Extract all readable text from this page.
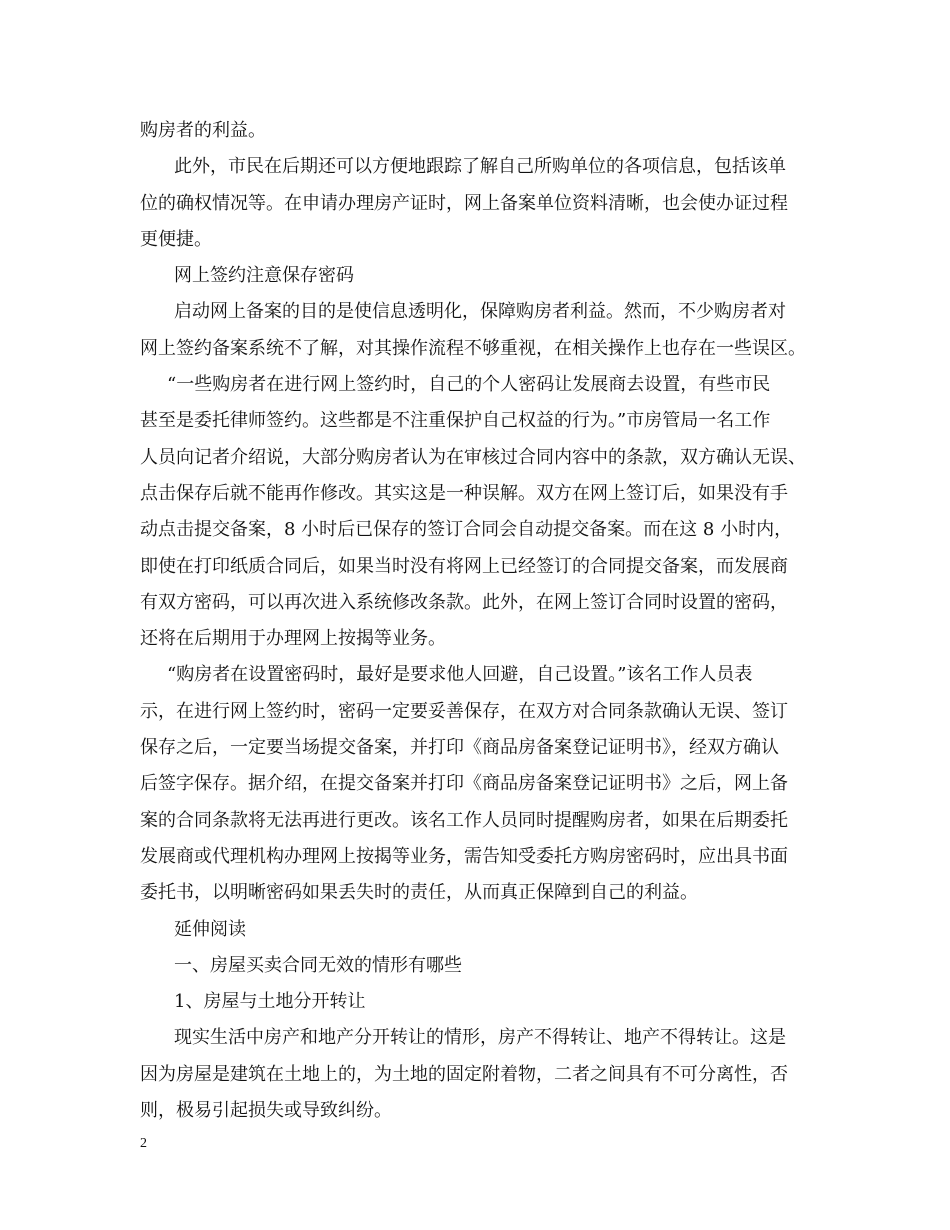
购房者的利益。

此外，市民在后期还可以方便地跟踪了解自己所购单位的各项信息，包括该单

位的确权情况等。在申请办理房产证时，网上备案单位资料清晰，也会使办证过程

更便捷。

网上签约注意保存密码

启动网上备案的目的是使信息透明化，保障购房者利益。然而，不少购房者对

网上签约备案系统不了解，对其操作流程不够重视，在相关操作上也存在一些误区。

“一些购房者在进行网上签约时，自己的个人密码让发展商去设置，有些市民

甚至是委托律师签约。这些都是不注重保护自己权益的行为。”市房管局一名工作

人员向记者介绍说，大部分购房者认为在审核过合同内容中的条款，双方确认无误、

点击保存后就不能再作修改。其实这是一种误解。双方在网上签订后，如果没有手

动点击提交备案，8 小时后已保存的签订合同会自动提交备案。而在这 8 小时内，

即使在打印纸质合同后，如果当时没有将网上已经签订的合同提交备案，而发展商

有双方密码，可以再次进入系统修改条款。此外，在网上签订合同时设置的密码，

还将在后期用于办理网上按揭等业务。

“购房者在设置密码时，最好是要求他人回避，自己设置。”该名工作人员表

示，在进行网上签约时，密码一定要妥善保存，在双方对合同条款确认无误、签订

保存之后，一定要当场提交备案，并打印《商品房备案登记证明书》，经双方确认

后签字保存。据介绍，在提交备案并打印《商品房备案登记证明书》之后，网上备

案的合同条款将无法再进行更改。该名工作人员同时提醒购房者，如果在后期委托

发展商或代理机构办理网上按揭等业务，需告知受委托方购房密码时，应出具书面

委托书，以明晰密码如果丢失时的责任，从而真正保障到自己的利益。

延伸阅读

一、房屋买卖合同无效的情形有哪些

1、房屋与土地分开转让

现实生活中房产和地产分开转让的情形，房产不得转让、地产不得转让。这是

因为房屋是建筑在土地上的，为土地的固定附着物，二者之间具有不可分离性，否

则，极易引起损失或导致纠纷。

2
